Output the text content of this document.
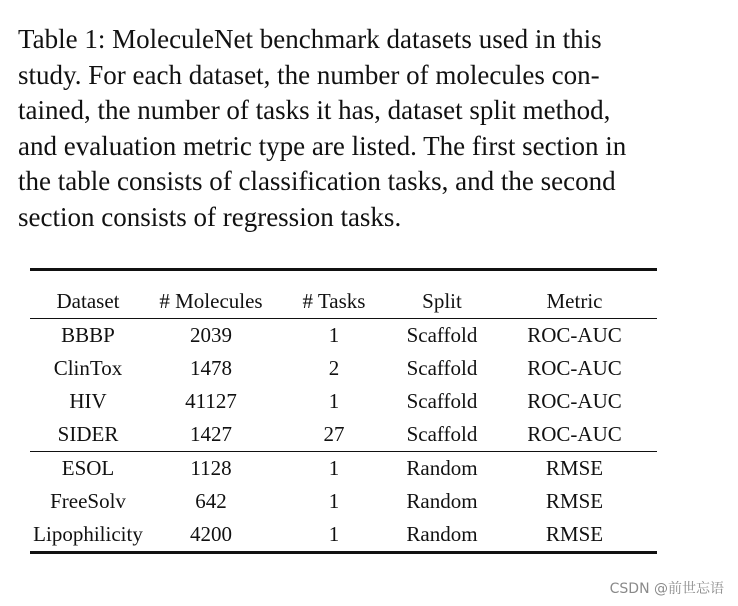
Table 1: MoleculeNet benchmark datasets used in this
study. For each dataset, the number of molecules con-
tained, the number of tasks it has, dataset split method,
and evaluation metric type are listed. The first section in
the table consists of classification tasks, and the second
section consists of regression tasks.
Dataset	# Molecules	# Tasks	Split	Metric
BBBP	2039	1	Scaffold	ROC-AUC
ClinTox	1478	2	Scaffold	ROC-AUC
HIV	41127	1	Scaffold	ROC-AUC
SIDER	1427	27	Scaffold	ROC-AUC
ESOL	1128	1	Random	RMSE
FreeSolv	642	1	Random	RMSE
Lipophilicity	4200	1	Random	RMSE
CSDN @前世忘语
